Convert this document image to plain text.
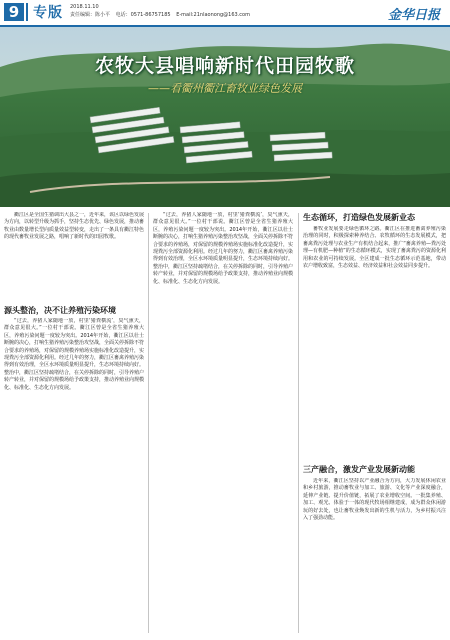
9 专版 2018.11.10
责任编辑：陈小平 电话：0571-86757185 E-mail:21nlaonong@163.com	金华日报
农牧大县唱响新时代田园牧歌
——看衢州衢江畜牧业绿色发展

衢江区是全国生猪调出大县之一，近年来，该区以绿色发展为方向，以转型升级为抓手，坚持生态优先、绿色发展，推动畜牧业由数量增长型向质量效益型转变，走出了一条具有衢江特色的现代畜牧业发展之路，唱响了新时代的田园牧歌。

源头整治，决不让养殖污染环境

“过去，养猪人家随地一放，村里‘猪粪横流’，臭气熏天，群众意见很大。”一位村干部说。衢江区曾是全省生猪养殖大区，养殖污染问题一度较为突出。2014年开始，衢江区以壮士断腕的决心，打响生猪养殖污染整治攻坚战，全面关停拆除不符合要求的养殖场，对保留的规模养殖场实施标准化改造提升，实现粪污全部资源化利用。经过几年的努力，衢江区畜禽养殖污染得到有效治理，全区水环境质量明显提升，生态环境持续向好。整治中，衢江区坚持疏堵结合，在关停拆除的同时，引导养殖户转产转业，并对保留的规模场给予政策支持，推动养殖业向规模化、标准化、生态化方向发展。

“过去，养猪人家随地一放，村里‘猪粪横流’，臭气熏天，群众意见很大。”一位村干部说。衢江区曾是全省生猪养殖大区，养殖污染问题一度较为突出。2014年开始，衢江区以壮士断腕的决心，打响生猪养殖污染整治攻坚战，全面关停拆除不符合要求的养殖场，对保留的规模养殖场实施标准化改造提升，实现粪污全部资源化利用。经过几年的努力，衢江区畜禽养殖污染得到有效治理，全区水环境质量明显提升，生态环境持续向好。整治中，衢江区坚持疏堵结合，在关停拆除的同时，引导养殖户转产转业，并对保留的规模场给予政策支持，推动养殖业向规模化、标准化、生态化方向发展。

生态循环，打造绿色发展新业态

畜牧业发展要走绿色循环之路。衢江区在推进畜禽养殖污染治理的同时，积极探索种养结合、农牧循环的生态发展模式，把畜禽粪污处理与农业生产有机结合起来，推广“畜禽养殖—粪污处理—有机肥—种植”的生态循环模式，实现了畜禽粪污的资源化利用和农业的可持续发展。全区建成一批生态循环示范基地，带动农户增收致富，生态效益、经济效益和社会效益同步提升。

三产融合，激发产业发展新动能

近年来，衢江区坚持以产业融合为方向，大力发展休闲农业和乡村旅游，推动畜牧业与加工、旅游、文化等产业深度融合，延伸产业链、提升价值链，拓展了农业增收空间。一批集养殖、加工、观光、体验于一体的现代牧场相继建成，成为群众休闲游玩的好去处，也让畜牧业焕发出新的生机与活力，为乡村振兴注入了强劲动能。
